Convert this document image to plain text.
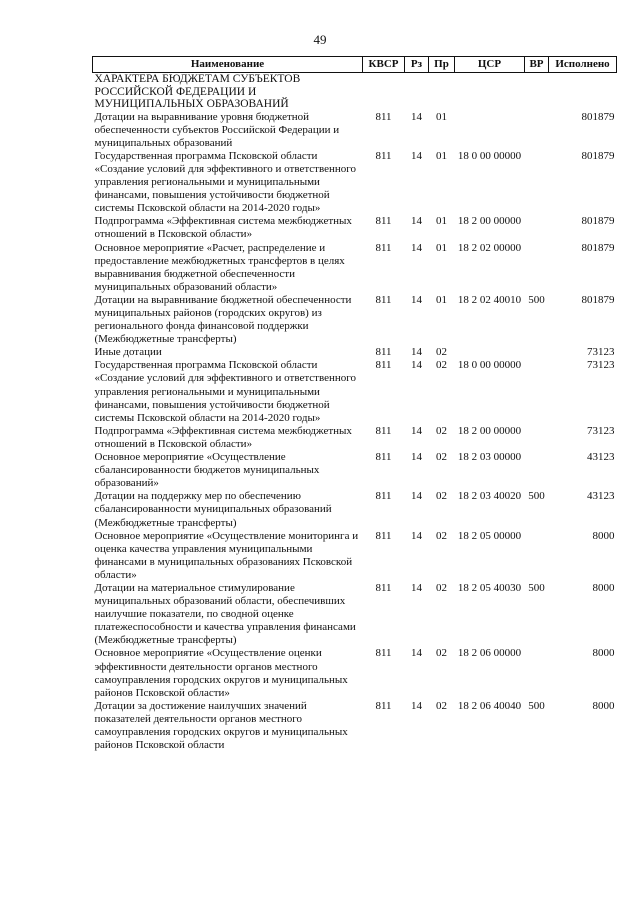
49
Наименование	КВСР	Рз	Пр	ЦСР	ВР	Исполнено
ХАРАКТЕРА БЮДЖЕТАМ СУБЪЕКТОВ РОССИЙСКОЙ ФЕДЕРАЦИИ И МУНИЦИПАЛЬНЫХ ОБРАЗОВАНИЙ						
Дотации на выравнивание уровня бюджетной обеспеченности субъектов Российской Федерации и муниципальных образований	811	14	01			801879
Государственная программа Псковской области «Создание условий для эффективного и ответственного управления региональными и муниципальными финансами, повышения устойчивости бюджетной системы Псковской области на 2014-2020 годы»	811	14	01	18 0 00 00000		801879
Подпрограмма «Эффективная система межбюджетных отношений в Псковской области»	811	14	01	18 2 00 00000		801879
Основное мероприятие «Расчет, распределение и предоставление межбюджетных трансфертов в целях выравнивания бюджетной обеспеченности муниципальных образований области»	811	14	01	18 2 02 00000		801879
Дотации на выравнивание бюджетной обеспеченности муниципальных районов (городских округов) из регионального фонда финансовой поддержки (Межбюджетные трансферты)	811	14	01	18 2 02 40010	500	801879
Иные дотации	811	14	02			73123
Государственная программа Псковской области «Создание условий для эффективного и ответственного управления региональными и муниципальными финансами, повышения устойчивости бюджетной системы Псковской области на 2014-2020 годы»	811	14	02	18 0 00 00000		73123
Подпрограмма «Эффективная система межбюджетных отношений в Псковской области»	811	14	02	18 2 00 00000		73123
Основное мероприятие «Осуществление сбалансированности бюджетов муниципальных образований»	811	14	02	18 2 03 00000		43123
Дотации на поддержку мер по обеспечению сбалансированности муниципальных образований (Межбюджетные трансферты)	811	14	02	18 2 03 40020	500	43123
Основное мероприятие «Осуществление мониторинга и оценка качества управления муниципальными финансами в муниципальных образованиях Псковской области»	811	14	02	18 2 05 00000		8000
Дотации на материальное стимулирование муниципальных образований области, обеспечивших наилучшие показатели, по сводной оценке платежеспособности и качества управления финансами (Межбюджетные трансферты)	811	14	02	18 2 05 40030	500	8000
Основное мероприятие «Осуществление оценки эффективности деятельности органов местного самоуправления городских округов и муниципальных районов Псковской области»	811	14	02	18 2 06 00000		8000
Дотации за достижение наилучших значений показателей деятельности органов местного самоуправления городских округов и муниципальных районов Псковской области	811	14	02	18 2 06 40040	500	8000
